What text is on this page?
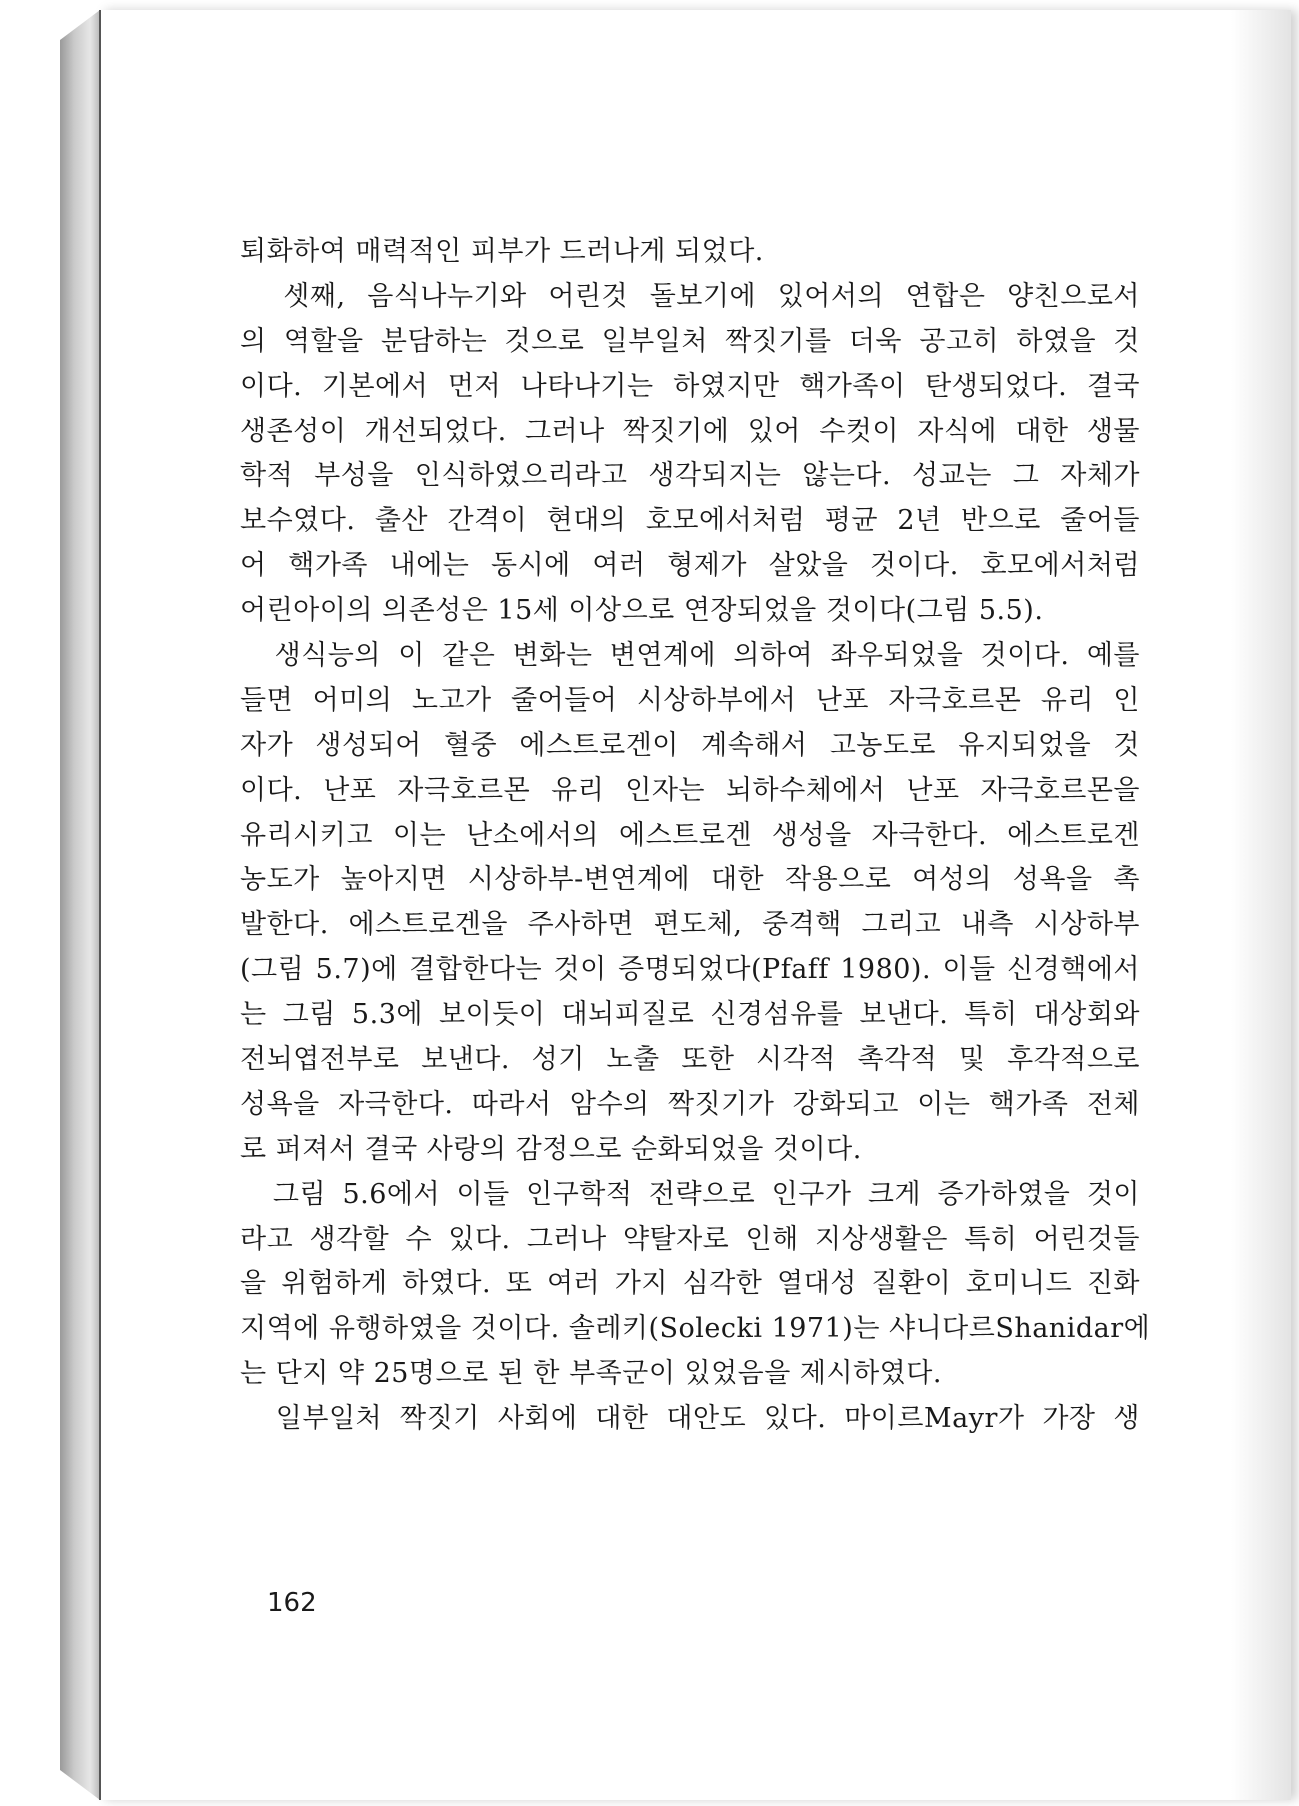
퇴화하여 매력적인 피부가 드러나게 되었다.
셋째, 음식나누기와 어린것 돌보기에 있어서의 연합은 양친으로서
의 역할을 분담하는 것으로 일부일처 짝짓기를 더욱 공고히 하였을 것
이다. 기본에서 먼저 나타나기는 하였지만 핵가족이 탄생되었다. 결국
생존성이 개선되었다. 그러나 짝짓기에 있어 수컷이 자식에 대한 생물
학적 부성을 인식하였으리라고 생각되지는 않는다. 성교는 그 자체가
보수였다. 출산 간격이 현대의 호모에서처럼 평균 2년 반으로 줄어들
어 핵가족 내에는 동시에 여러 형제가 살았을 것이다. 호모에서처럼
어린아이의 의존성은 15세 이상으로 연장되었을 것이다(그림 5.5).
생식능의 이 같은 변화는 변연계에 의하여 좌우되었을 것이다. 예를
들면 어미의 노고가 줄어들어 시상하부에서 난포 자극호르몬 유리 인
자가 생성되어 혈중 에스트로겐이 계속해서 고농도로 유지되었을 것
이다. 난포 자극호르몬 유리 인자는 뇌하수체에서 난포 자극호르몬을
유리시키고 이는 난소에서의 에스트로겐 생성을 자극한다. 에스트로겐
농도가 높아지면 시상하부-변연계에 대한 작용으로 여성의 성욕을 촉
발한다. 에스트로겐을 주사하면 편도체, 중격핵 그리고 내측 시상하부
(그림 5.7)에 결합한다는 것이 증명되었다(Pfaff 1980). 이들 신경핵에서
는 그림 5.3에 보이듯이 대뇌피질로 신경섬유를 보낸다. 특히 대상회와
전뇌엽전부로 보낸다. 성기 노출 또한 시각적 촉각적 및 후각적으로
성욕을 자극한다. 따라서 암수의 짝짓기가 강화되고 이는 핵가족 전체
로 퍼져서 결국 사랑의 감정으로 순화되었을 것이다.
그림 5.6에서 이들 인구학적 전략으로 인구가 크게 증가하였을 것이
라고 생각할 수 있다. 그러나 약탈자로 인해 지상생활은 특히 어린것들
을 위험하게 하였다. 또 여러 가지 심각한 열대성 질환이 호미니드 진화
지역에 유행하였을 것이다. 솔레키(Solecki 1971)는 샤니다르Shanidar에
는 단지 약 25명으로 된 한 부족군이 있었음을 제시하였다.
일부일처 짝짓기 사회에 대한 대안도 있다. 마이르Mayr가 가장 생
162
